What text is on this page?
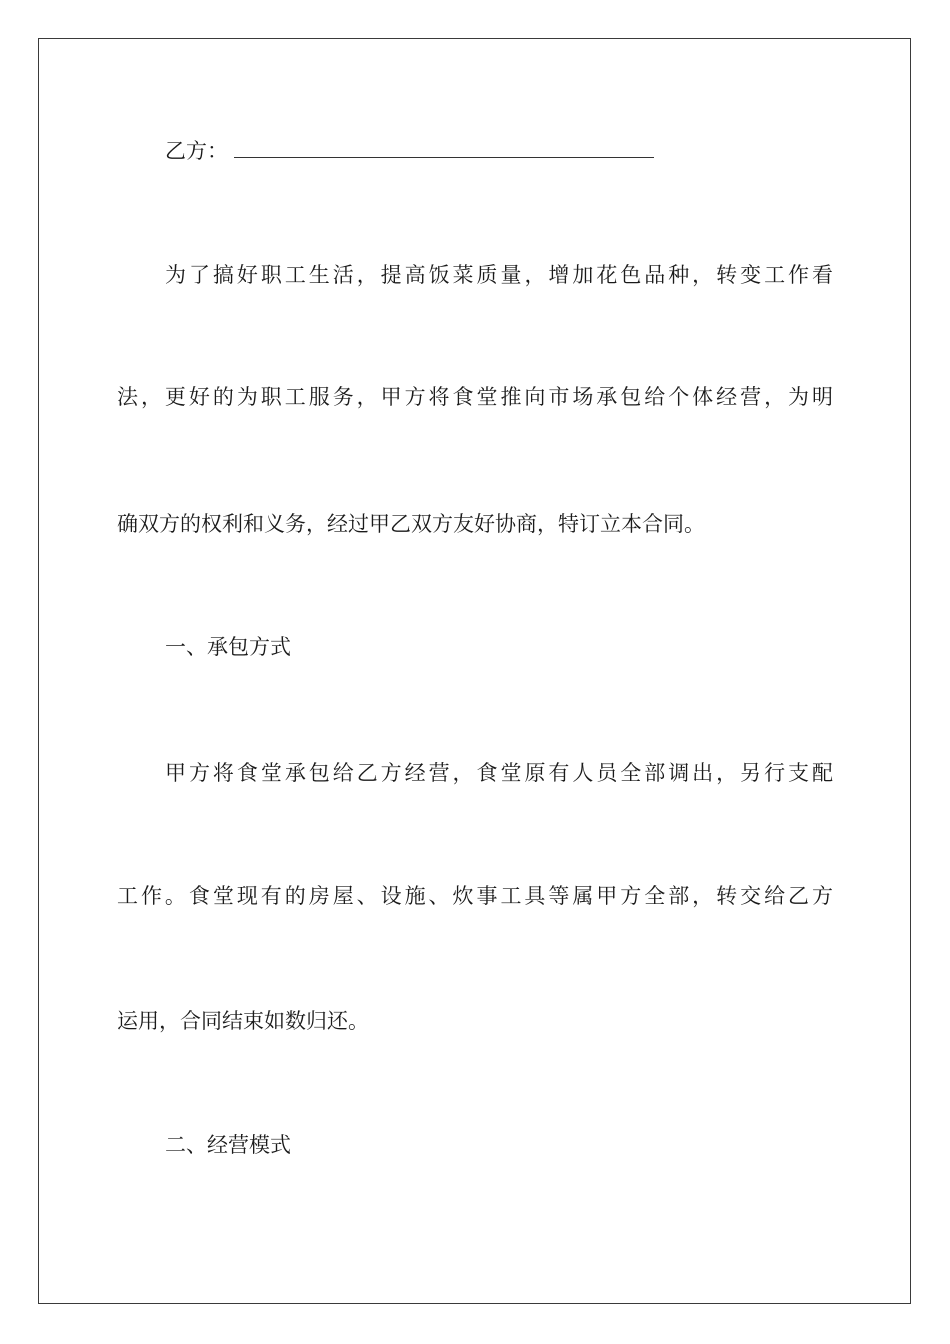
乙方：
为了搞好职工生活，提高饭菜质量，增加花色品种，转变工作看
法，更好的为职工服务，甲方将食堂推向市场承包给个体经营，为明
确双方的权利和义务，经过甲乙双方友好协商，特订立本合同。
一、承包方式
甲方将食堂承包给乙方经营，食堂原有人员全部调出，另行支配
工作。食堂现有的房屋、设施、炊事工具等属甲方全部，转交给乙方
运用，合同结束如数归还。
二、经营模式
